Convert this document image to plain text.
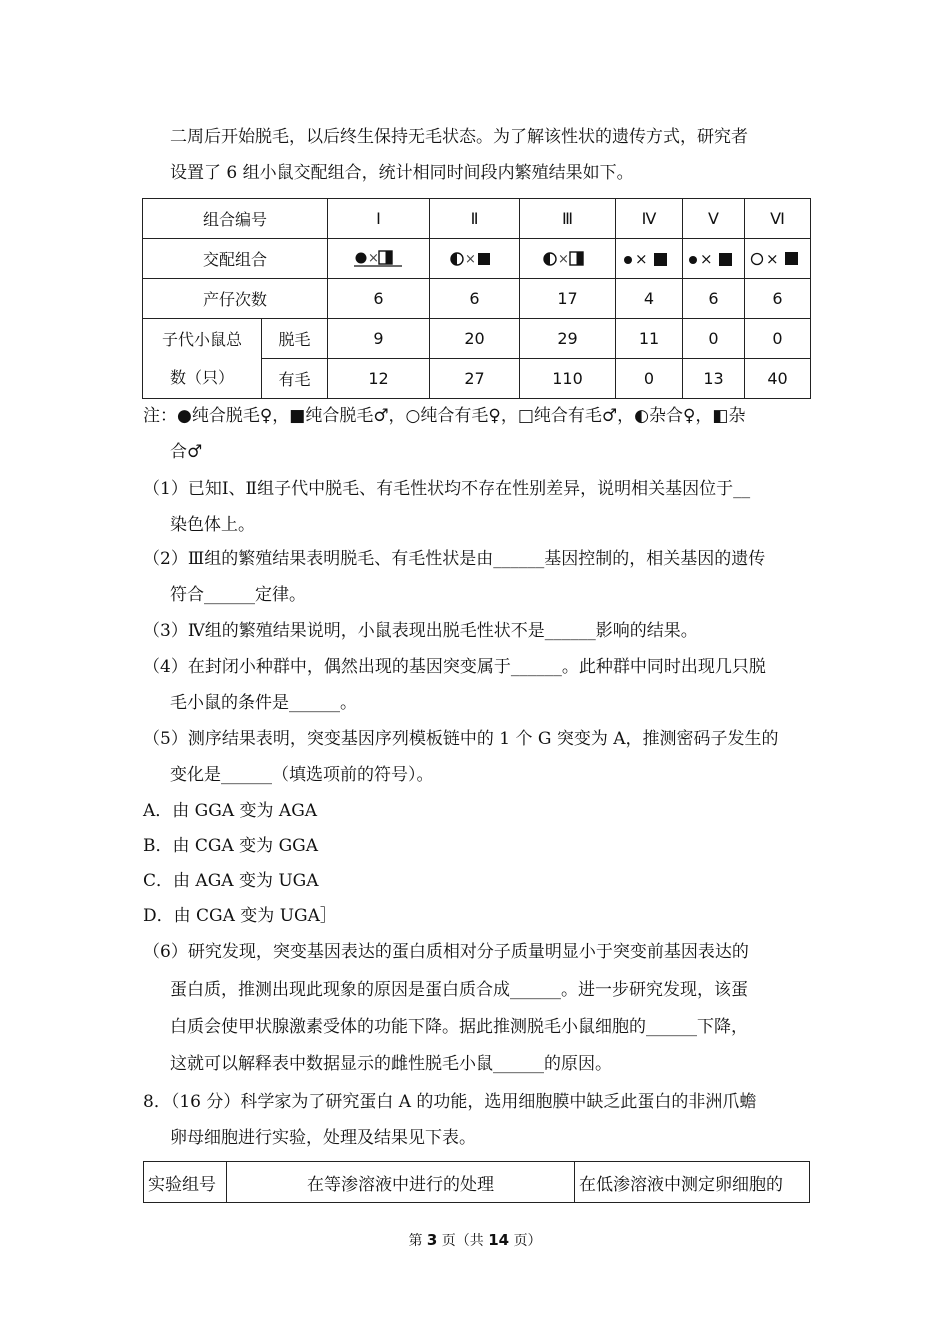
二周后开始脱毛，以后终生保持无毛状态。为了解该性状的遗传方式，研究者
设置了 6 组小鼠交配组合，统计相同时间段内繁殖结果如下。
组合编号		Ⅰ	Ⅱ	Ⅲ	Ⅳ	Ⅴ	Ⅵ
交配组合		×	×	×	×	×	×

产仔次数		6	6	17	4	6	6
子代小鼠总
数（只）	脱毛	9	20	29	11	0	0
	有毛	12	27	110	0	13	40
注：●纯合脱毛♀，■纯合脱毛♂，○纯合有毛♀，□纯合有毛♂，◐杂合♀，◧杂
合♂
（1）已知Ⅰ、Ⅱ组子代中脱毛、有毛性状均不存在性别差异，说明相关基因位于__
染色体上。
（2）Ⅲ组的繁殖结果表明脱毛、有毛性状是由______基因控制的，相关基因的遗传
符合______定律。
（3）Ⅳ组的繁殖结果说明，小鼠表现出脱毛性状不是______影响的结果。
（4）在封闭小种群中，偶然出现的基因突变属于______。此种群中同时出现几只脱
毛小鼠的条件是______。
（5）测序结果表明，突变基因序列模板链中的 1 个 G 突变为 A，推测密码子发生的
变化是______（填选项前的符号）。
A．由 GGA 变为 AGA
B．由 CGA 变为 GGA
C．由 AGA 变为 UGA
D．由 CGA 变为 UGA］
（6）研究发现，突变基因表达的蛋白质相对分子质量明显小于突变前基因表达的
蛋白质，推测出现此现象的原因是蛋白质合成______。进一步研究发现，该蛋
白质会使甲状腺激素受体的功能下降。据此推测脱毛小鼠细胞的______下降，
这就可以解释表中数据显示的雌性脱毛小鼠______的原因。
8．（16 分）科学家为了研究蛋白 A 的功能，选用细胞膜中缺乏此蛋白的非洲爪蟾
卵母细胞进行实验，处理及结果见下表。
实验组号	在等渗溶液中进行的处理	在低渗溶液中测定卵细胞的
第 3 页（共 14 页）
